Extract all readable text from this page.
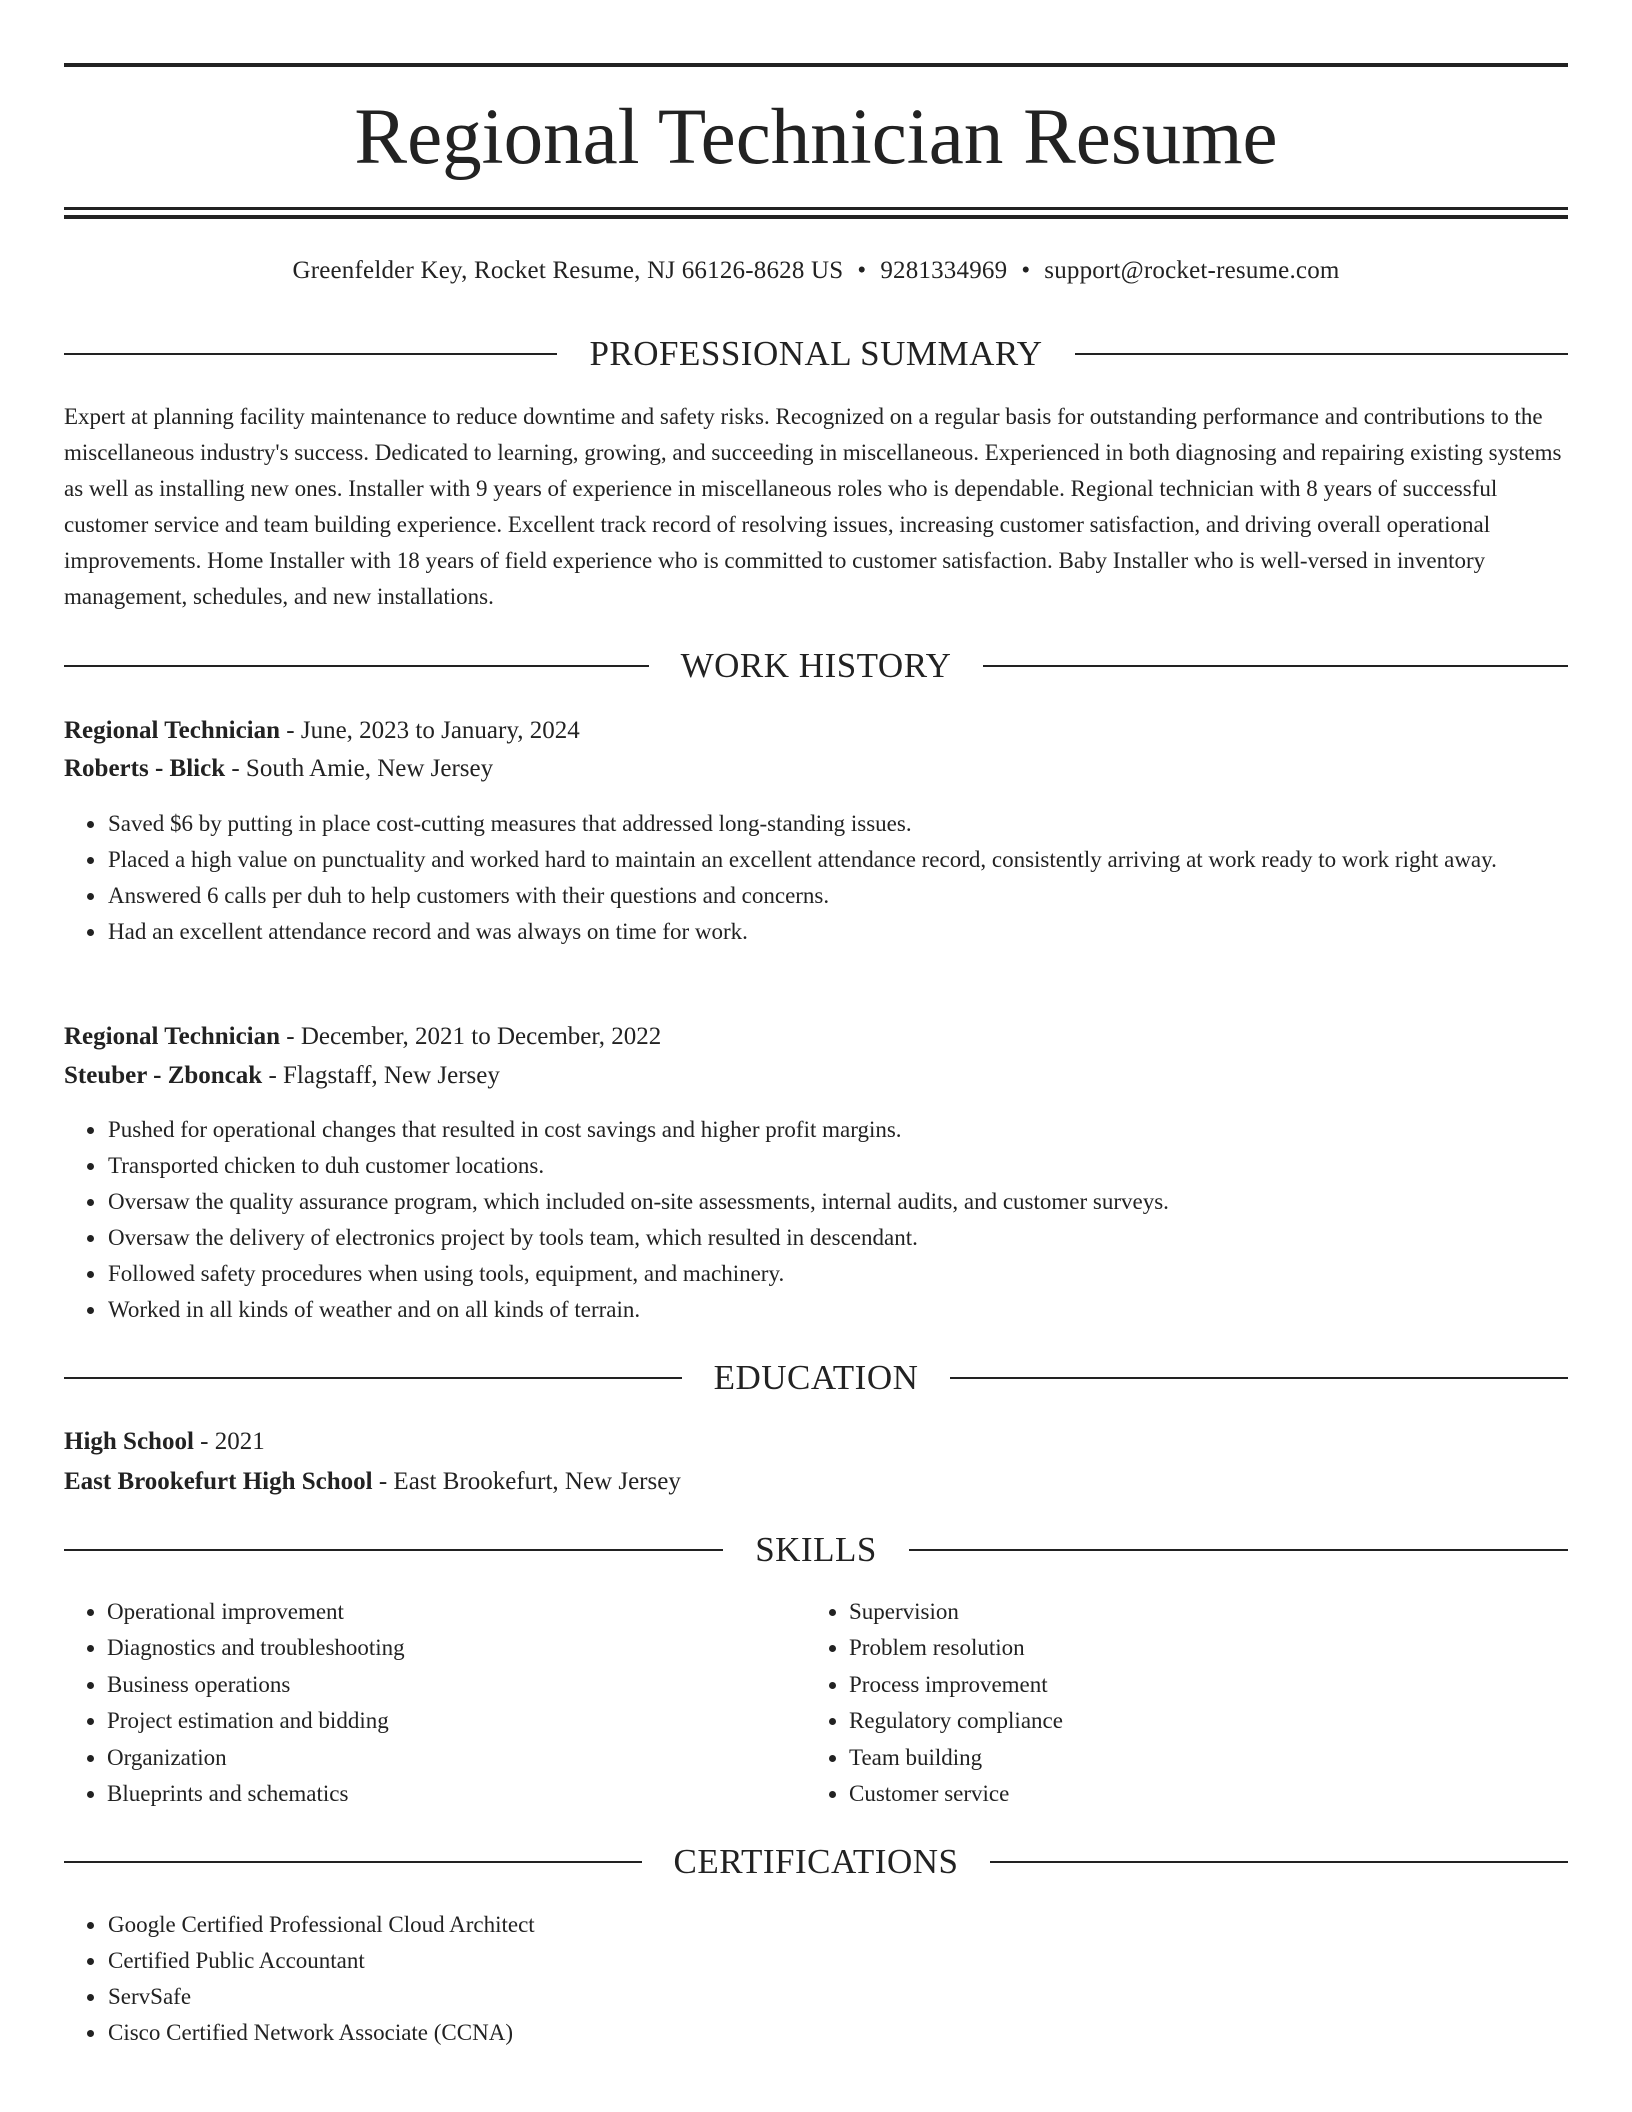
Regional Technician Resume
Greenfelder Key, Rocket Resume, NJ 66126-8628 US • 9281334969 • support@rocket-resume.com
PROFESSIONAL SUMMARY
Expert at planning facility maintenance to reduce downtime and safety risks. Recognized on a regular basis for outstanding performance and contributions to the miscellaneous industry's success. Dedicated to learning, growing, and succeeding in miscellaneous. Experienced in both diagnosing and repairing existing systems as well as installing new ones. Installer with 9 years of experience in miscellaneous roles who is dependable. Regional technician with 8 years of successful customer service and team building experience. Excellent track record of resolving issues, increasing customer satisfaction, and driving overall operational improvements. Home Installer with 18 years of field experience who is committed to customer satisfaction. Baby Installer who is well-versed in inventory management, schedules, and new installations.
WORK HISTORY
Regional Technician - June, 2023 to January, 2024
Roberts - Blick - South Amie, New Jersey
• Saved $6 by putting in place cost-cutting measures that addressed long-standing issues.
• Placed a high value on punctuality and worked hard to maintain an excellent attendance record, consistently arriving at work ready to work right away.
• Answered 6 calls per duh to help customers with their questions and concerns.
• Had an excellent attendance record and was always on time for work.
Regional Technician - December, 2021 to December, 2022
Steuber - Zboncak - Flagstaff, New Jersey
• Pushed for operational changes that resulted in cost savings and higher profit margins.
• Transported chicken to duh customer locations.
• Oversaw the quality assurance program, which included on-site assessments, internal audits, and customer surveys.
• Oversaw the delivery of electronics project by tools team, which resulted in descendant.
• Followed safety procedures when using tools, equipment, and machinery.
• Worked in all kinds of weather and on all kinds of terrain.
EDUCATION
High School - 2021
East Brookefurt High School - East Brookefurt, New Jersey
SKILLS
• Operational improvement
• Diagnostics and troubleshooting
• Business operations
• Project estimation and bidding
• Organization
• Blueprints and schematics
• Supervision
• Problem resolution
• Process improvement
• Regulatory compliance
• Team building
• Customer service
CERTIFICATIONS
• Google Certified Professional Cloud Architect
• Certified Public Accountant
• ServSafe
• Cisco Certified Network Associate (CCNA)
